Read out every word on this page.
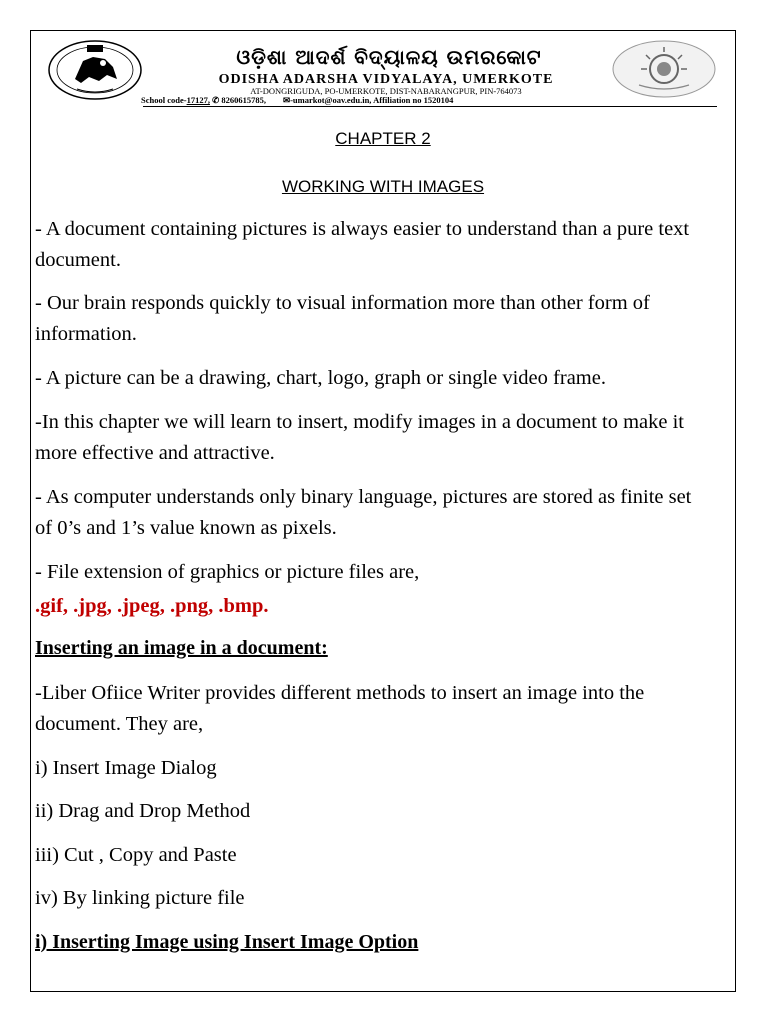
ଓଡ଼ିଶା ଆଦର୍ଶ ବିଦ୍ୟାଳୟ ଉମରକୋଟ
ODISHA ADARSHA VIDYALAYA, UMERKOTE
AT-DONGRIGUDA, PO-UMERKOTE, DIST-NABARANGPUR, PIN-764073
School code-17127, ✆ 8260615785, ✉-umarkot@oav.edu.in, Affiliation no 1520104
CHAPTER 2
WORKING WITH IMAGES
- A document containing pictures is always easier to understand than a pure text document.
- Our brain responds quickly to visual information more than other form of information.
- A picture can be a drawing, chart, logo, graph or single video frame.
-In this chapter we will learn to insert, modify images in a document to make it more effective and attractive.
- As computer understands only binary language, pictures are stored as finite set of 0’s and 1’s value known as pixels.
- File extension of graphics or picture files are,
.gif, .jpg, .jpeg, .png, .bmp.
Inserting an image in a document:
-Liber Ofiice Writer provides different methods to insert an image into the document. They are,
i) Insert Image Dialog
ii) Drag and Drop Method
iii) Cut , Copy and Paste
iv) By linking picture file
i) Inserting Image using Insert Image Option
